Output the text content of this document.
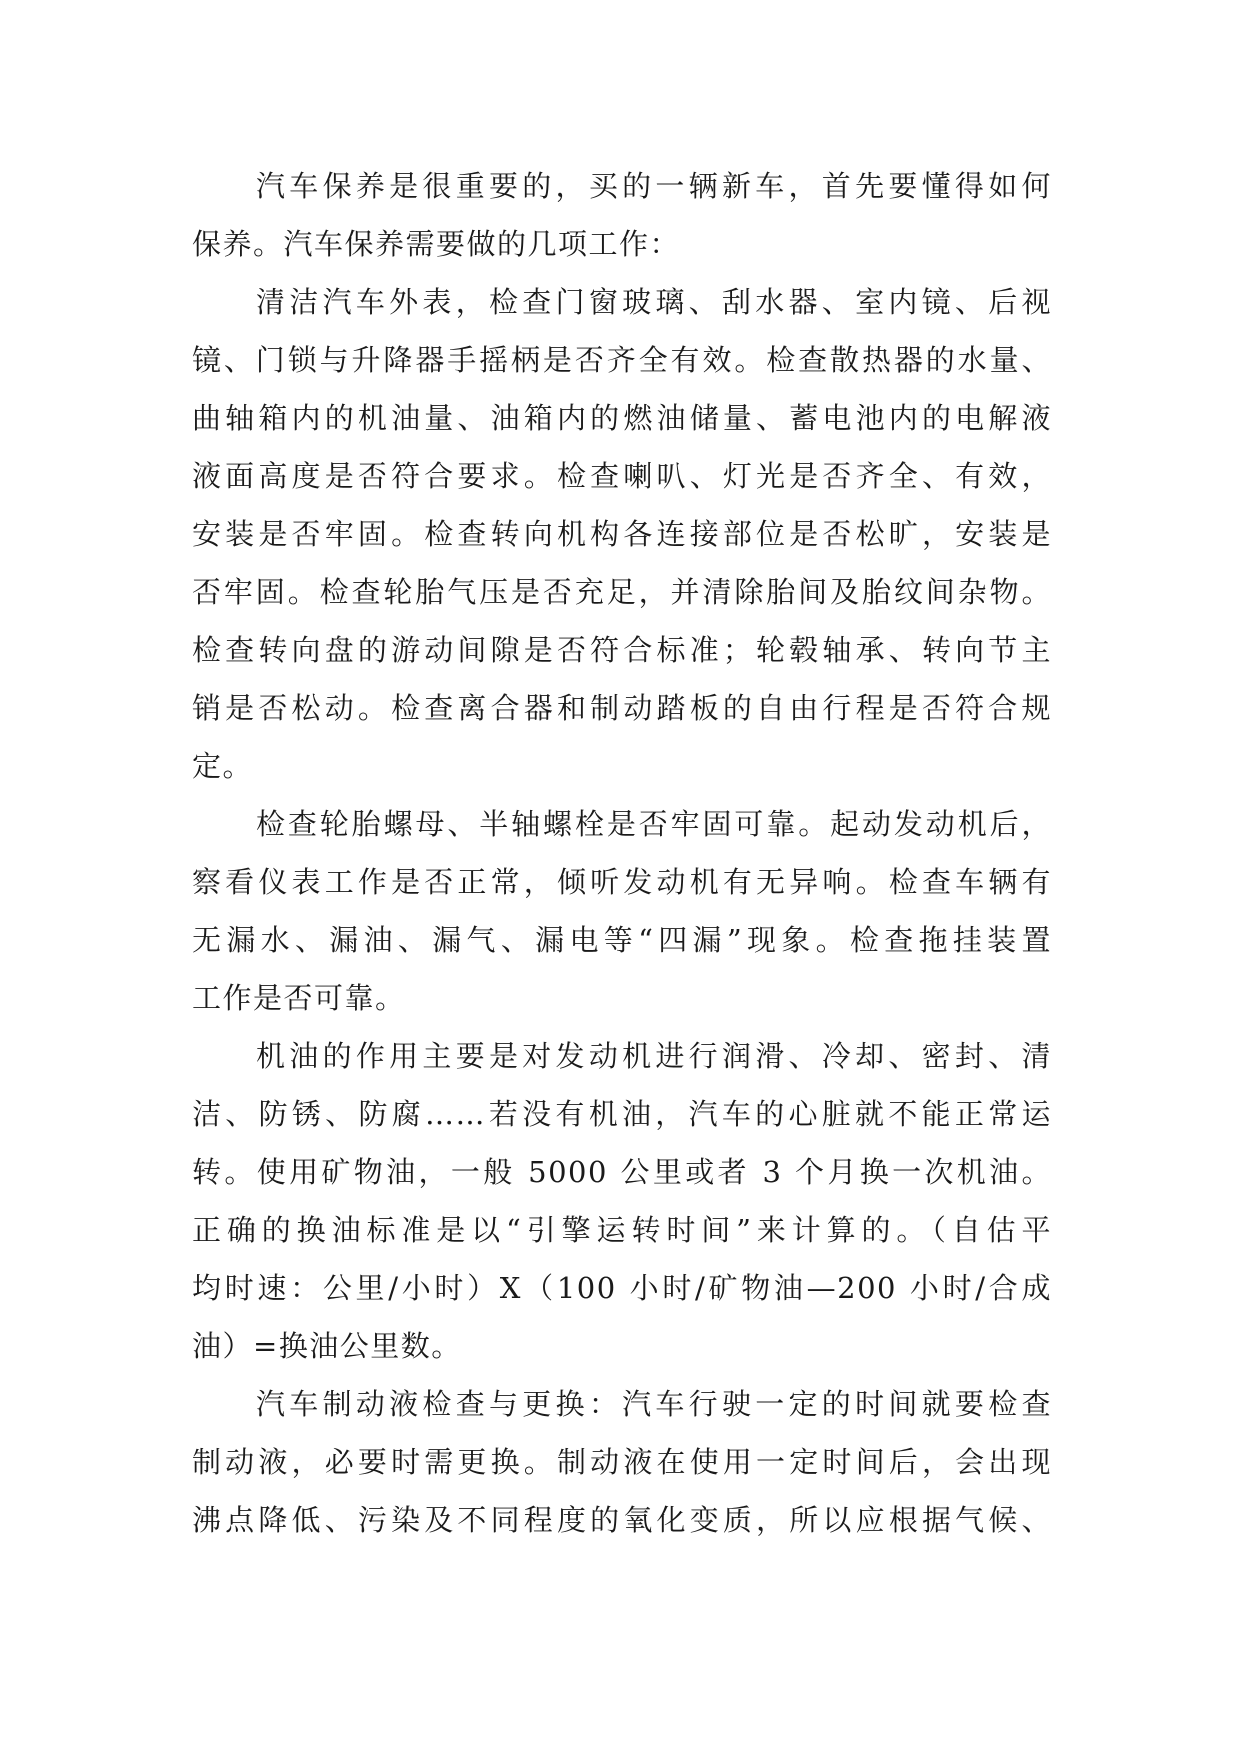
汽车保养是很重要的，买的一辆新车，首先要懂得如何
保养。汽车保养需要做的几项工作：
清洁汽车外表，检查门窗玻璃、刮水器、室内镜、后视
镜、门锁与升降器手摇柄是否齐全有效。检查散热器的水量、
曲轴箱内的机油量、油箱内的燃油储量、蓄电池内的电解液
液面高度是否符合要求。检查喇叭、灯光是否齐全、有效，
安装是否牢固。检查转向机构各连接部位是否松旷，安装是
否牢固。检查轮胎气压是否充足，并清除胎间及胎纹间杂物。
检查转向盘的游动间隙是否符合标准；轮毂轴承、转向节主
销是否松动。检查离合器和制动踏板的自由行程是否符合规
定。
检查轮胎螺母、半轴螺栓是否牢固可靠。起动发动机后，
察看仪表工作是否正常，倾听发动机有无异响。检查车辆有
无漏水、漏油、漏气、漏电等“四漏”现象。检查拖挂装置
工作是否可靠。
机油的作用主要是对发动机进行润滑、冷却、密封、清
洁、防锈、防腐……若没有机油，汽车的心脏就不能正常运
转。使用矿物油，一般 5000 公里或者 3 个月换一次机油。
正确的换油标准是以“引擎运转时间”来计算的。（自估平
均时速：公里/小时）X（100 小时/矿物油—200 小时/合成
油）=换油公里数。
汽车制动液检查与更换：汽车行驶一定的时间就要检查
制动液，必要时需更换。制动液在使用一定时间后，会出现
沸点降低、污染及不同程度的氧化变质，所以应根据气候、
